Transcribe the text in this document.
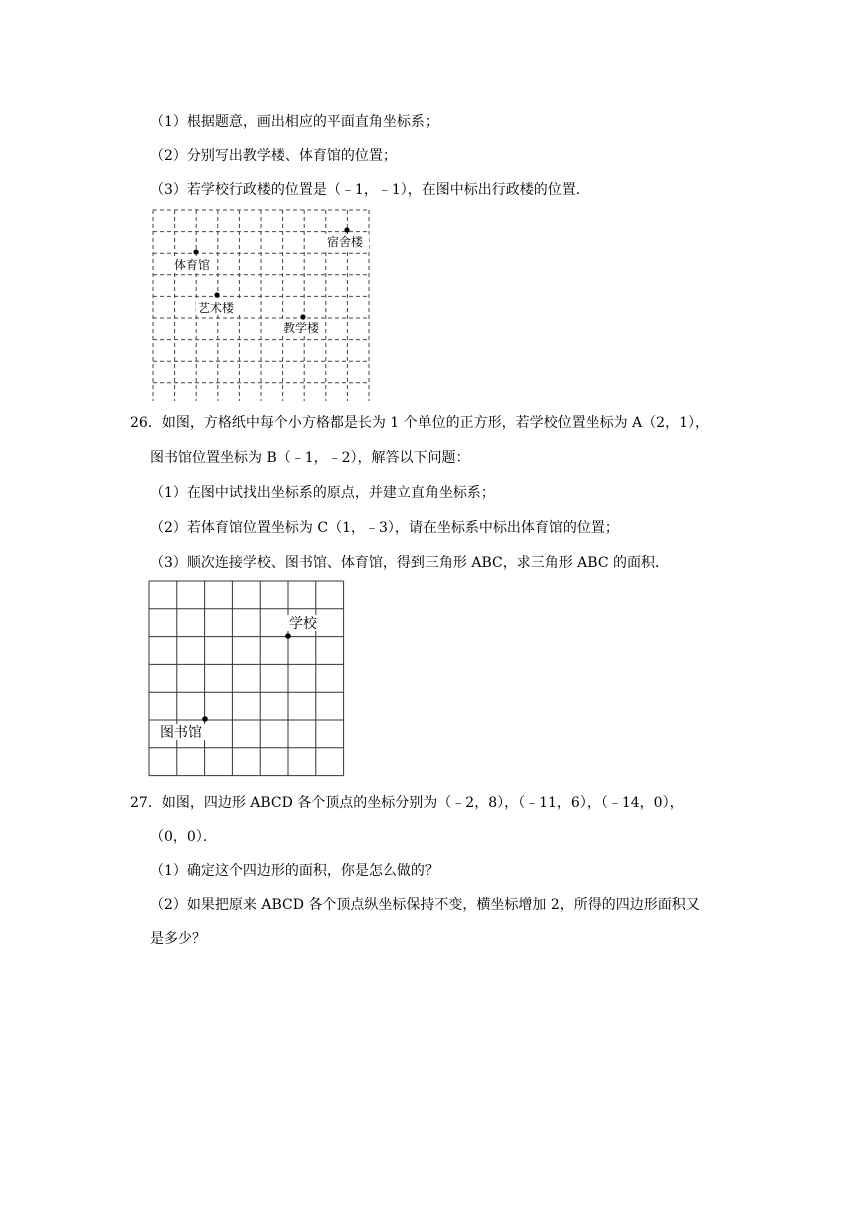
（1）根据题意，画出相应的平面直角坐标系；
（2）分别写出教学楼、体育馆的位置；
（3）若学校行政楼的位置是（﹣1，﹣1），在图中标出行政楼的位置．
宿舍楼
体育馆
艺术楼
教学楼
26．如图，方格纸中每个小方格都是长为 1 个单位的正方形，若学校位置坐标为 A（2，1），
图书馆位置坐标为 B（﹣1，﹣2），解答以下问题：
（1）在图中试找出坐标系的原点，并建立直角坐标系；
（2）若体育馆位置坐标为 C（1，﹣3），请在坐标系中标出体育馆的位置；
（3）顺次连接学校、图书馆、体育馆，得到三角形 ABC，求三角形 ABC 的面积．
学校
图书馆
27．如图，四边形 ABCD 各个顶点的坐标分别为（﹣2，8），（﹣11，6），（﹣14，0），
（0，0）．
（1）确定这个四边形的面积，你是怎么做的？
（2）如果把原来 ABCD 各个顶点纵坐标保持不变，横坐标增加 2，所得的四边形面积又
是多少？
